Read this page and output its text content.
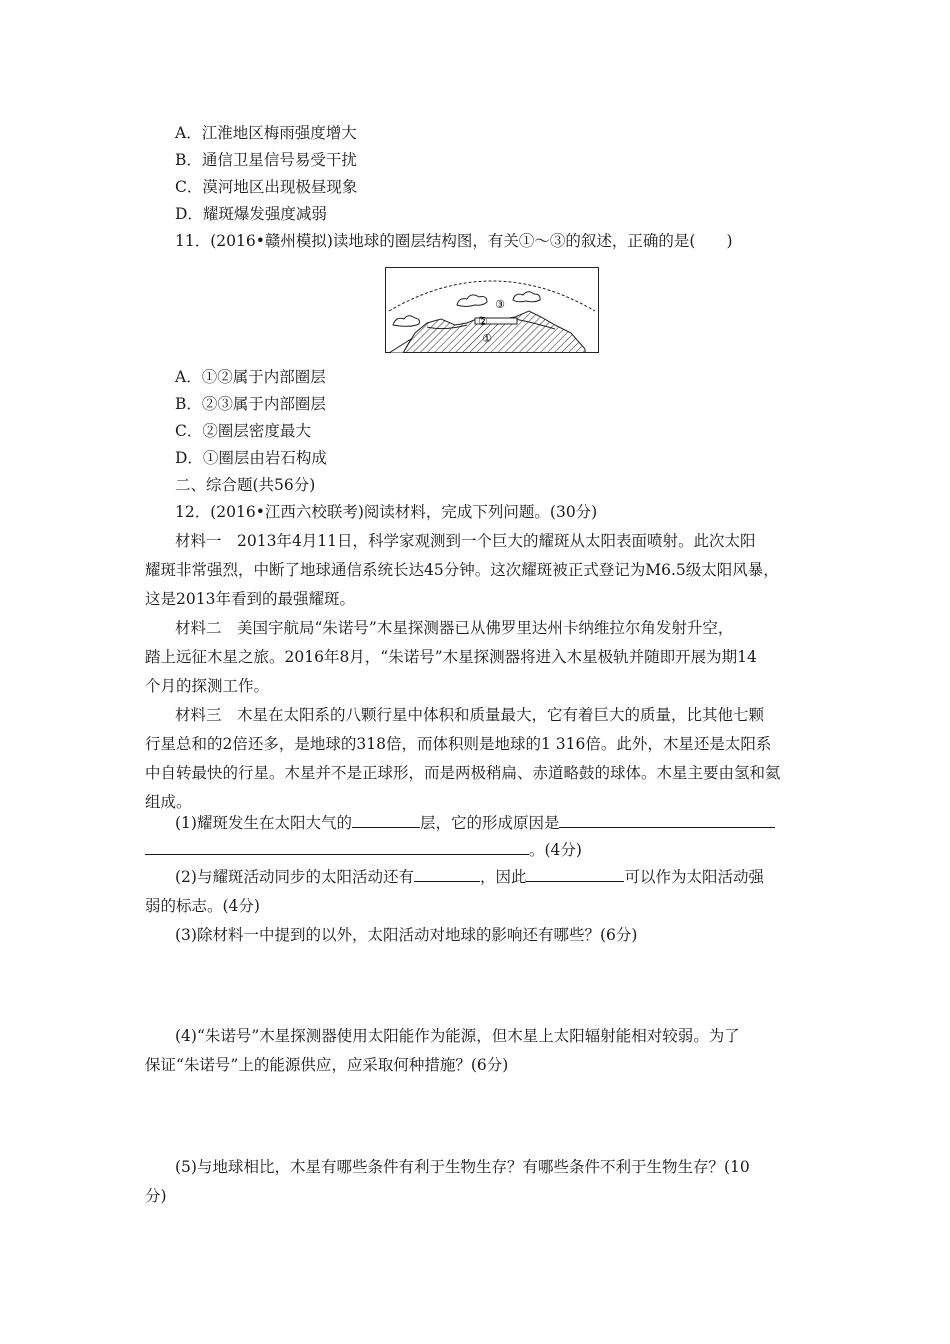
A．江淮地区梅雨强度增大
B．通信卫星信号易受干扰
C．漠河地区出现极昼现象
D．耀斑爆发强度减弱
11．(2016•赣州模拟)读地球的圈层结构图，有关①～③的叙述，正确的是(　　)
③
②
①
A．①②属于内部圈层
B．②③属于内部圈层
C．②圈层密度最大
D．①圈层由岩石构成
二、综合题(共56分)
12．(2016•江西六校联考)阅读材料，完成下列问题。(30分)
材料一　2013年4月11日，科学家观测到一个巨大的耀斑从太阳表面喷射。此次太阳
耀斑非常强烈，中断了地球通信系统长达45分钟。这次耀斑被正式登记为M6.5级太阳风暴，
这是2013年看到的最强耀斑。
材料二　美国宇航局“朱诺号”木星探测器已从佛罗里达州卡纳维拉尔角发射升空，
踏上远征木星之旅。2016年8月，“朱诺号”木星探测器将进入木星极轨并随即开展为期14
个月的探测工作。
材料三　木星在太阳系的八颗行星中体积和质量最大，它有着巨大的质量，比其他七颗
行星总和的2倍还多，是地球的318倍，而体积则是地球的1 316倍。此外，木星还是太阳系
中自转最快的行星。木星并不是正球形，而是两极稍扁、赤道略鼓的球体。木星主要由氢和氦
组成。
(1)耀斑发生在太阳大气的	层，它的形成原因是
。(4分)
(2)与耀斑活动同步的太阳活动还有	，因此	可以作为太阳活动强
弱的标志。(4分)
(3)除材料一中提到的以外，太阳活动对地球的影响还有哪些？(6分)
(4)“朱诺号”木星探测器使用太阳能作为能源，但木星上太阳辐射能相对较弱。为了
保证“朱诺号”上的能源供应，应采取何种措施？(6分)
(5)与地球相比，木星有哪些条件有利于生物生存？有哪些条件不利于生物生存？(10
分)
